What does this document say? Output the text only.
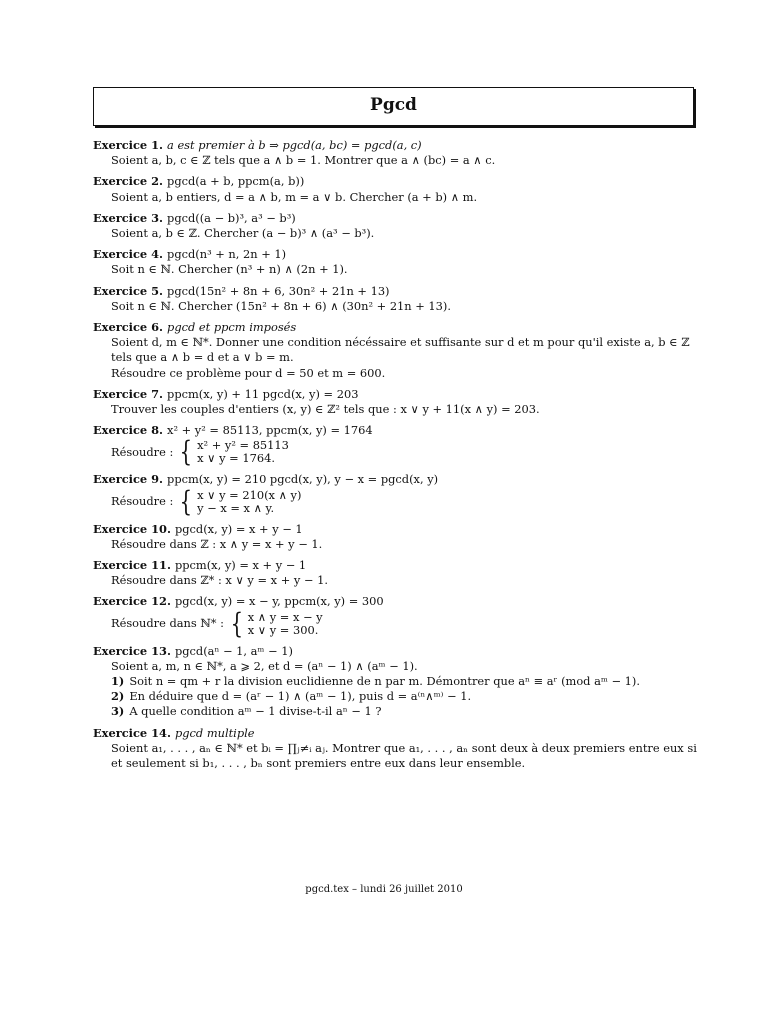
Pgcd
Exercice 1. a est premier à b ⇒ pgcd(a, bc) = pgcd(a, c)
Soient a, b, c ∈ ℤ tels que a ∧ b = 1. Montrer que a ∧ (bc) = a ∧ c.
Exercice 2. pgcd(a + b, ppcm(a, b))
Soient a, b entiers, d = a ∧ b, m = a ∨ b. Chercher (a + b) ∧ m.
Exercice 3. pgcd((a − b)³, a³ − b³)
Soient a, b ∈ ℤ. Chercher (a − b)³ ∧ (a³ − b³).
Exercice 4. pgcd(n³ + n, 2n + 1)
Soit n ∈ ℕ. Chercher (n³ + n) ∧ (2n + 1).
Exercice 5. pgcd(15n² + 8n + 6, 30n² + 21n + 13)
Soit n ∈ ℕ. Chercher (15n² + 8n + 6) ∧ (30n² + 21n + 13).
Exercice 6. pgcd et ppcm imposés
Soient d, m ∈ ℕ*. Donner une condition nécéssaire et suffisante sur d et m pour qu'il existe a, b ∈ ℤ tels que a ∧ b = d et a ∨ b = m.
Résoudre ce problème pour d = 50 et m = 600.
Exercice 7. ppcm(x, y) + 11 pgcd(x, y) = 203
Trouver les couples d'entiers (x, y) ∈ ℤ² tels que : x ∨ y + 11(x ∧ y) = 203.
Exercice 8. x² + y² = 85113, ppcm(x, y) = 1764
Résoudre : { x² + y² = 85113
x ∨ y = 1764.
Exercice 9. ppcm(x, y) = 210 pgcd(x, y), y − x = pgcd(x, y)
Résoudre : { x ∨ y = 210(x ∧ y)
y − x = x ∧ y.
Exercice 10. pgcd(x, y) = x + y − 1
Résoudre dans ℤ : x ∧ y = x + y − 1.
Exercice 11. ppcm(x, y) = x + y − 1
Résoudre dans ℤ* : x ∨ y = x + y − 1.
Exercice 12. pgcd(x, y) = x − y, ppcm(x, y) = 300
Résoudre dans ℕ* : { x ∧ y = x − y
x ∨ y = 300.
Exercice 13. pgcd(aⁿ − 1, aᵐ − 1)
Soient a, m, n ∈ ℕ*, a ⩾ 2, et d = (aⁿ − 1) ∧ (aᵐ − 1).
1) Soit n = qm + r la division euclidienne de n par m. Démontrer que aⁿ ≡ aʳ (mod aᵐ − 1).
2) En déduire que d = (aʳ − 1) ∧ (aᵐ − 1), puis d = a⁽ⁿ∧ᵐ⁾ − 1.
3) A quelle condition aᵐ − 1 divise-t-il aⁿ − 1 ?
Exercice 14. pgcd multiple
Soient a₁, . . . , aₙ ∈ ℕ* et bᵢ = ∏ⱼ≠ᵢ aⱼ. Montrer que a₁, . . . , aₙ sont deux à deux premiers entre eux si et seulement si b₁, . . . , bₙ sont premiers entre eux dans leur ensemble.
pgcd.tex – lundi 26 juillet 2010
